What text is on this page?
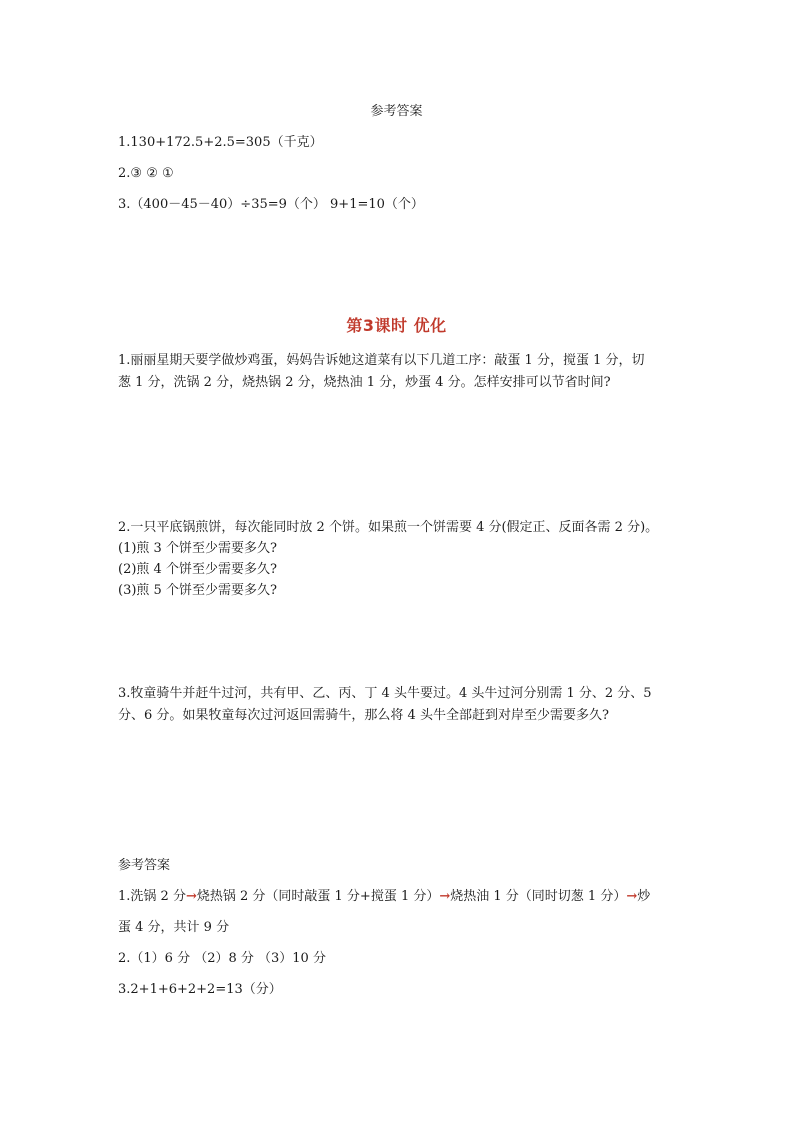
参考答案

1.130+172.5+2.5=305（千克）

2.③ ② ①

3.（400－45－40）÷35=9（个） 9+1=10（个）

第3课时 优化

1.丽丽星期天要学做炒鸡蛋，妈妈告诉她这道菜有以下几道工序：敲蛋 1 分，搅蛋 1 分，切

葱 1 分，洗锅 2 分，烧热锅 2 分，烧热油 1 分，炒蛋 4 分。怎样安排可以节省时间?

2.一只平底锅煎饼，每次能同时放 2 个饼。如果煎一个饼需要 4 分(假定正、反面各需 2 分)。

(1)煎 3 个饼至少需要多久?

(2)煎 4 个饼至少需要多久?

(3)煎 5 个饼至少需要多久?

3.牧童骑牛并赶牛过河，共有甲、乙、丙、丁 4 头牛要过。4 头牛过河分别需 1 分、2 分、5

分、6 分。如果牧童每次过河返回需骑牛，那么将 4 头牛全部赶到对岸至少需要多久?

参考答案

1.洗锅 2 分→烧热锅 2 分（同时敲蛋 1 分+搅蛋 1 分）→烧热油 1 分（同时切葱 1 分）→炒

蛋 4 分，共计 9 分

2.（1）6 分 （2）8 分 （3）10 分

3.2+1+6+2+2=13（分）
